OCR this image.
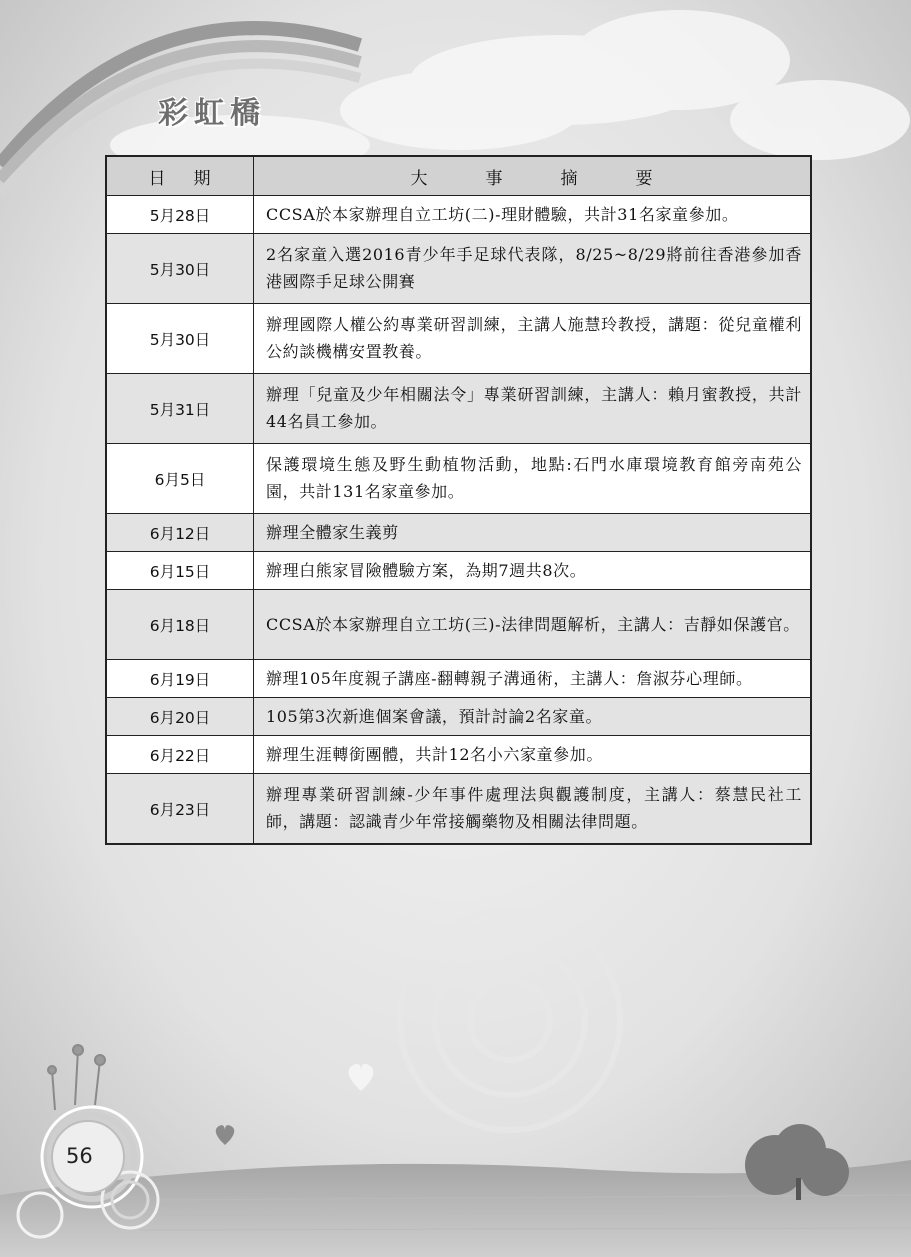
彩虹橋
日期	大事摘要
5月28日	CCSA於本家辦理自立工坊(二)-理財體驗，共計31名家童參加。
5月30日	2名家童入選2016青少年手足球代表隊，8/25~8/29將前往香港參加香港國際手足球公開賽
5月30日	辦理國際人權公約專業研習訓練，主講人施慧玲教授，講題：從兒童權利公約談機構安置教養。
5月31日	辦理「兒童及少年相關法令」專業研習訓練，主講人：賴月蜜教授，共計44名員工參加。
6月5日	保護環境生態及野生動植物活動，地點:石門水庫環境教育館旁南苑公園，共計131名家童參加。
6月12日	辦理全體家生義剪
6月15日	辦理白熊家冒險體驗方案，為期7週共8次。
6月18日	CCSA於本家辦理自立工坊(三)-法律問題解析，主講人：吉靜如保護官。
6月19日	辦理105年度親子講座-翻轉親子溝通術，主講人：詹淑芬心理師。
6月20日	105第3次新進個案會議，預計討論2名家童。
6月22日	辦理生涯轉銜團體，共計12名小六家童參加。
6月23日	辦理專業研習訓練-少年事件處理法與觀護制度，主講人：蔡慧民社工師，講題：認識青少年常接觸藥物及相關法律問題。
56
